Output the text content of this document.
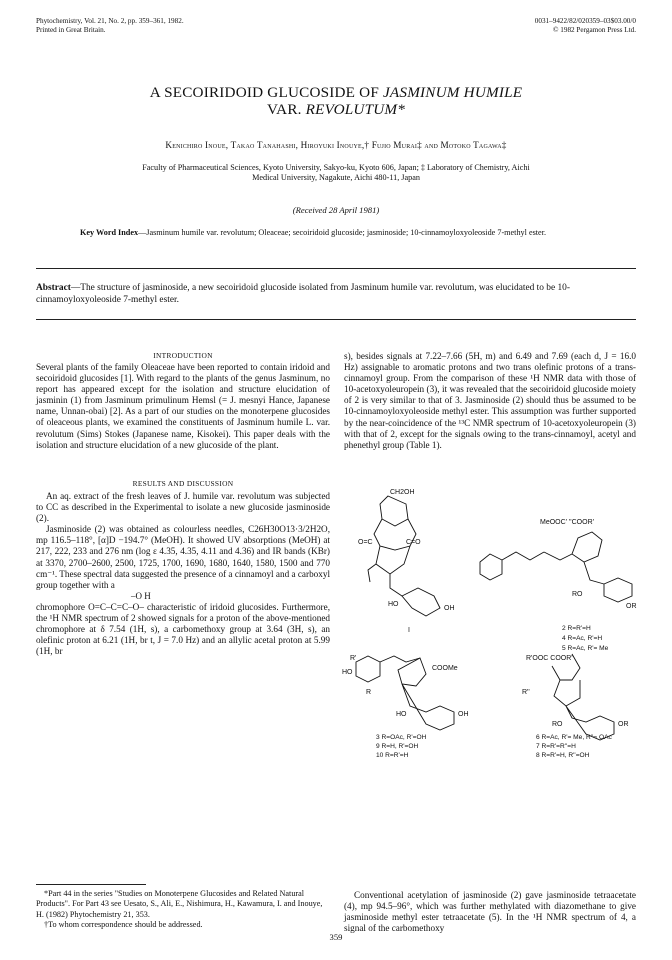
Phytochemistry, Vol. 21, No. 2, pp. 359–361, 1982.
Printed in Great Britain.
0031–9422/82/020359–03$03.00/0
© 1982 Pergamon Press Ltd.
A SECOIRIDOID GLUCOSIDE OF JASMINUM HUMILE
VAR. REVOLUTUM*
Kenichiro Inoue, Takao Tanahashi, Hiroyuki Inouye,† Fujio Murai‡ and Motoko Tagawa‡
Faculty of Pharmaceutical Sciences, Kyoto University, Sakyo-ku, Kyoto 606, Japan; ‡ Laboratory of Chemistry, Aichi
Medical University, Nagakute, Aichi 480-11, Japan
(Received 28 April 1981)
Key Word Index—Jasminum humile var. revolutum; Oleaceae; secoiridoid glucoside; jasminoside; 10-cinnamoyloxyoleoside 7-methyl ester.
Abstract—The structure of jasminoside, a new secoiridoid glucoside isolated from Jasminum humile var. revolutum, was elucidated to be 10-cinnamoyloxyoleoside 7-methyl ester.
INTRODUCTION

Several plants of the family Oleaceae have been reported to contain iridoid and secoiridoid glucosides [1]. With regard to the plants of the genus Jasminum, no report has appeared except for the isolation and structure elucidation of jasminin (1) from Jasminum primulinum Hemsl (= J. mesnyi Hance, Japanese name, Unnan-obai) [2]. As a part of our studies on the monoterpene glucosides of oleaceous plants, we examined the constituents of Jasminum humile L. var. revolutum (Sims) Stokes (Japanese name, Kisokei). This paper deals with the isolation and structure elucidation of a new glucoside of the plant.

RESULTS AND DISCUSSION

An aq. extract of the fresh leaves of J. humile var. revolutum was subjected to CC as described in the Experimental to isolate a new glucoside jasminoside (2).

Jasminoside (2) was obtained as colourless needles, C26H30O13·3/2H2O, mp 116.5–118°, [α]D −194.7° (MeOH). It showed UV absorptions (MeOH) at 217, 222, 233 and 276 nm (log ε 4.35, 4.35, 4.11 and 4.36) and IR bands (KBr) at 3370, 2700–2600, 2500, 1725, 1700, 1690, 1680, 1640, 1580, 1500 and 770 cm⁻¹. These spectral data suggested the presence of a cinnamoyl and a carboxyl group together with a

–O H

chromophore O=C–C=C–O– characteristic of iridoid glucosides. Furthermore, the ¹H NMR spectrum of 2 showed signals for a proton of the above-mentioned chromophore at δ 7.54 (1H, s), a carbomethoxy group at 3.64 (3H, s), an olefinic proton at 6.21 (1H, br t, J = 7.0 Hz) and an allylic acetal proton at 5.99 (1H, br

*Part 44 in the series "Studies on Monoterpene Glucosides and Related Natural Products". For Part 43 see Uesato, S., Ali, E., Nishimura, H., Kawamura, I. and Inouye, H. (1982) Phytochemistry 21, 353.

†To whom correspondence should be addressed.

s), besides signals at 7.22–7.66 (5H, m) and 6.49 and 7.69 (each d, J = 16.0 Hz) assignable to aromatic protons and two trans olefinic protons of a trans-cinnamoyl group. From the comparison of these ¹H NMR data with those of 10-acetoxyoleuropein (3), it was revealed that the secoiridoid glucoside moiety of 2 is very similar to that of 3. Jasminoside (2) should thus be assumed to be 10-cinnamoyloxyoleoside methyl ester. This assumption was further supported by the near-coincidence of the ¹³C NMR spectrum of 10-acetoxyoleuropein (3) with that of 2, except for the signals owing to the trans-cinnamoyl, acetyl and phenethyl group (Table 1).

CH2OH
O=C	C=O
HO
OH
I
MeOOC' ''COOR'
RO
OR
2 R=R'=H
4 R=Ac, R'=H
5 R=Ac, R'= Me
R'
HO
COOMe
R
HO	OH
3 R=OAc, R'=OH
9 R=H, R'=OH
10 R=R'=H
R'OOC COOR'
R''
RO	OR
6 R=Ac, R'= Me, R''= OAc
7 R=R'=R''=H
8 R=R'=H, R''=OH

Conventional acetylation of jasminoside (2) gave jasminoside tetraacetate (4), mp 94.5–96°, which was further methylated with diazomethane to give jasminoside methyl ester tetraacetate (5). In the ¹H NMR spectrum of 4, a signal of the carbomethoxy

359
